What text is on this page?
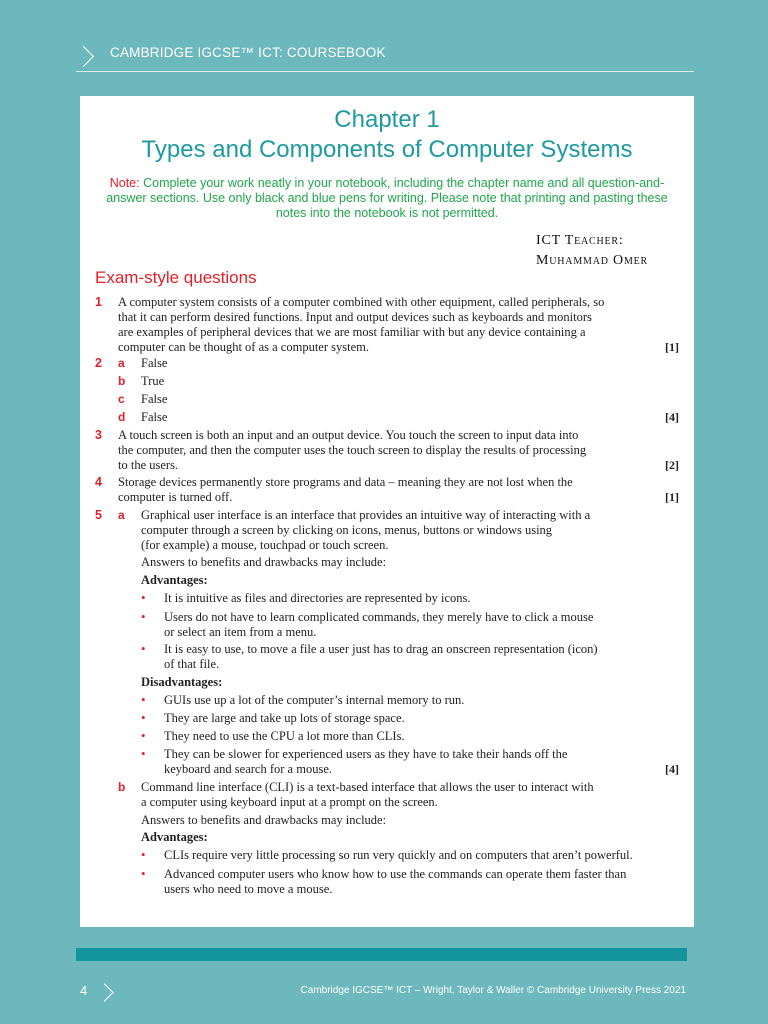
CAMBRIDGE IGCSE™ ICT: COURSEBOOK
Chapter 1
Types and Components of Computer Systems
Note: Complete your work neatly in your notebook, including the chapter name and all question-and-answer sections. Use only black and blue pens for writing. Please note that printing and pasting these notes into the notebook is not permitted.
ICT Teacher:
Muhammad Omer
Exam-style questions
1 A computer system consists of a computer combined with other equipment, called peripherals, so
that it can perform desired functions. Input and output devices such as keyboards and monitors
are examples of peripheral devices that we are most familiar with but any device containing a
computer can be thought of as a computer system.	[1]
2 a False
b True
c False
d False	[4]
3 A touch screen is both an input and an output device. You touch the screen to input data into
the computer, and then the computer uses the touch screen to display the results of processing
to the users.	[2]
4 Storage devices permanently store programs and data – meaning they are not lost when the
computer is turned off.	[1]
5 a Graphical user interface is an interface that provides an intuitive way of interacting with a
computer through a screen by clicking on icons, menus, buttons or windows using
(for example) a mouse, touchpad or touch screen.
Answers to benefits and drawbacks may include:
Advantages:
• It is intuitive as files and directories are represented by icons.
• Users do not have to learn complicated commands, they merely have to click a mouse
or select an item from a menu.
• It is easy to use, to move a file a user just has to drag an onscreen representation (icon)
of that file.
Disadvantages:
• GUIs use up a lot of the computer’s internal memory to run.
• They are large and take up lots of storage space.
• They need to use the CPU a lot more than CLIs.
• They can be slower for experienced users as they have to take their hands off the
keyboard and search for a mouse.	[4]
b Command line interface (CLI) is a text-based interface that allows the user to interact with
a computer using keyboard input at a prompt on the screen.
Answers to benefits and drawbacks may include:
Advantages:
• CLIs require very little processing so run very quickly and on computers that aren’t powerful.
• Advanced computer users who know how to use the commands can operate them faster than
users who need to move a mouse.
4	Cambridge IGCSE™ ICT – Wright, Taylor & Waller © Cambridge University Press 2021
